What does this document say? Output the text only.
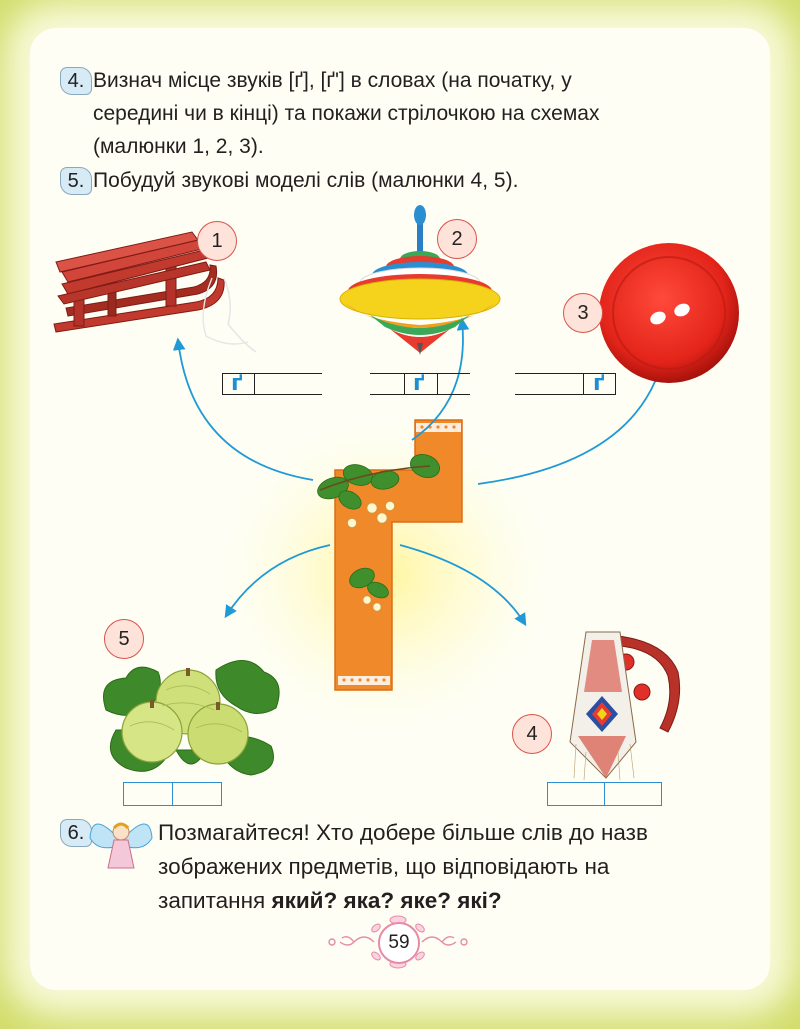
4. Визнач місце звуків [ґ], [ґ'] в словах (на початку, у
середині чи в кінці) та покажи стрілочкою на схемах
(малюнки 1, 2, 3).
5. Побудуй звукові моделі слів (малюнки 4, 5).
1	2
3
5
4
ґ	ґ	ґ
6.	Позмагайтеся! Хто добере більше слів до назв
зображених предметів, що відповідають на
запитання який? яка? яке? які?
59
